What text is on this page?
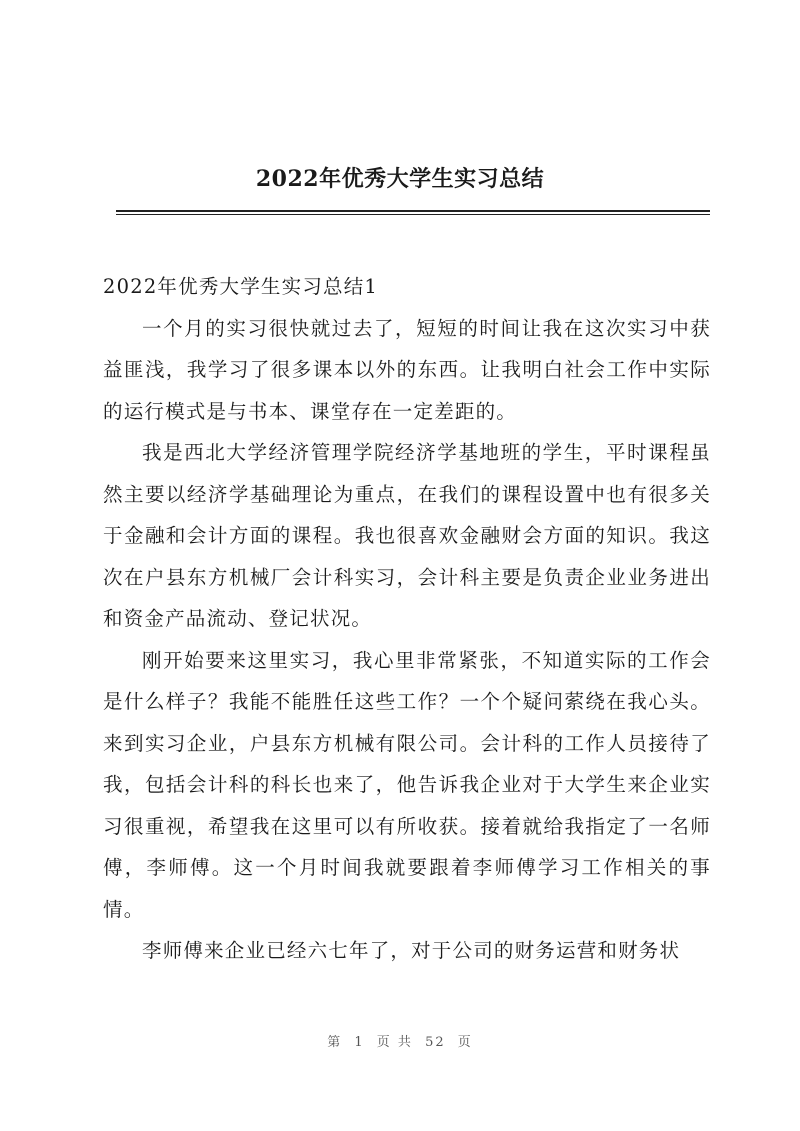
2022年优秀大学生实习总结

2022年优秀大学生实习总结1

一个月的实习很快就过去了，短短的时间让我在这次实习中获益匪浅，我学习了很多课本以外的东西。让我明白社会工作中实际的运行模式是与书本、课堂存在一定差距的。

我是西北大学经济管理学院经济学基地班的学生，平时课程虽然主要以经济学基础理论为重点，在我们的课程设置中也有很多关于金融和会计方面的课程。我也很喜欢金融财会方面的知识。我这次在户县东方机械厂会计科实习，会计科主要是负责企业业务进出和资金产品流动、登记状况。

刚开始要来这里实习，我心里非常紧张，不知道实际的工作会是什么样子？我能不能胜任这些工作？一个个疑问萦绕在我心头。来到实习企业，户县东方机械有限公司。会计科的工作人员接待了我，包括会计科的科长也来了，他告诉我企业对于大学生来企业实习很重视，希望我在这里可以有所收获。接着就给我指定了一名师傅，李师傅。这一个月时间我就要跟着李师傅学习工作相关的事情。

李师傅来企业已经六七年了，对于公司的财务运营和财务状

第 1 页 共 52 页
